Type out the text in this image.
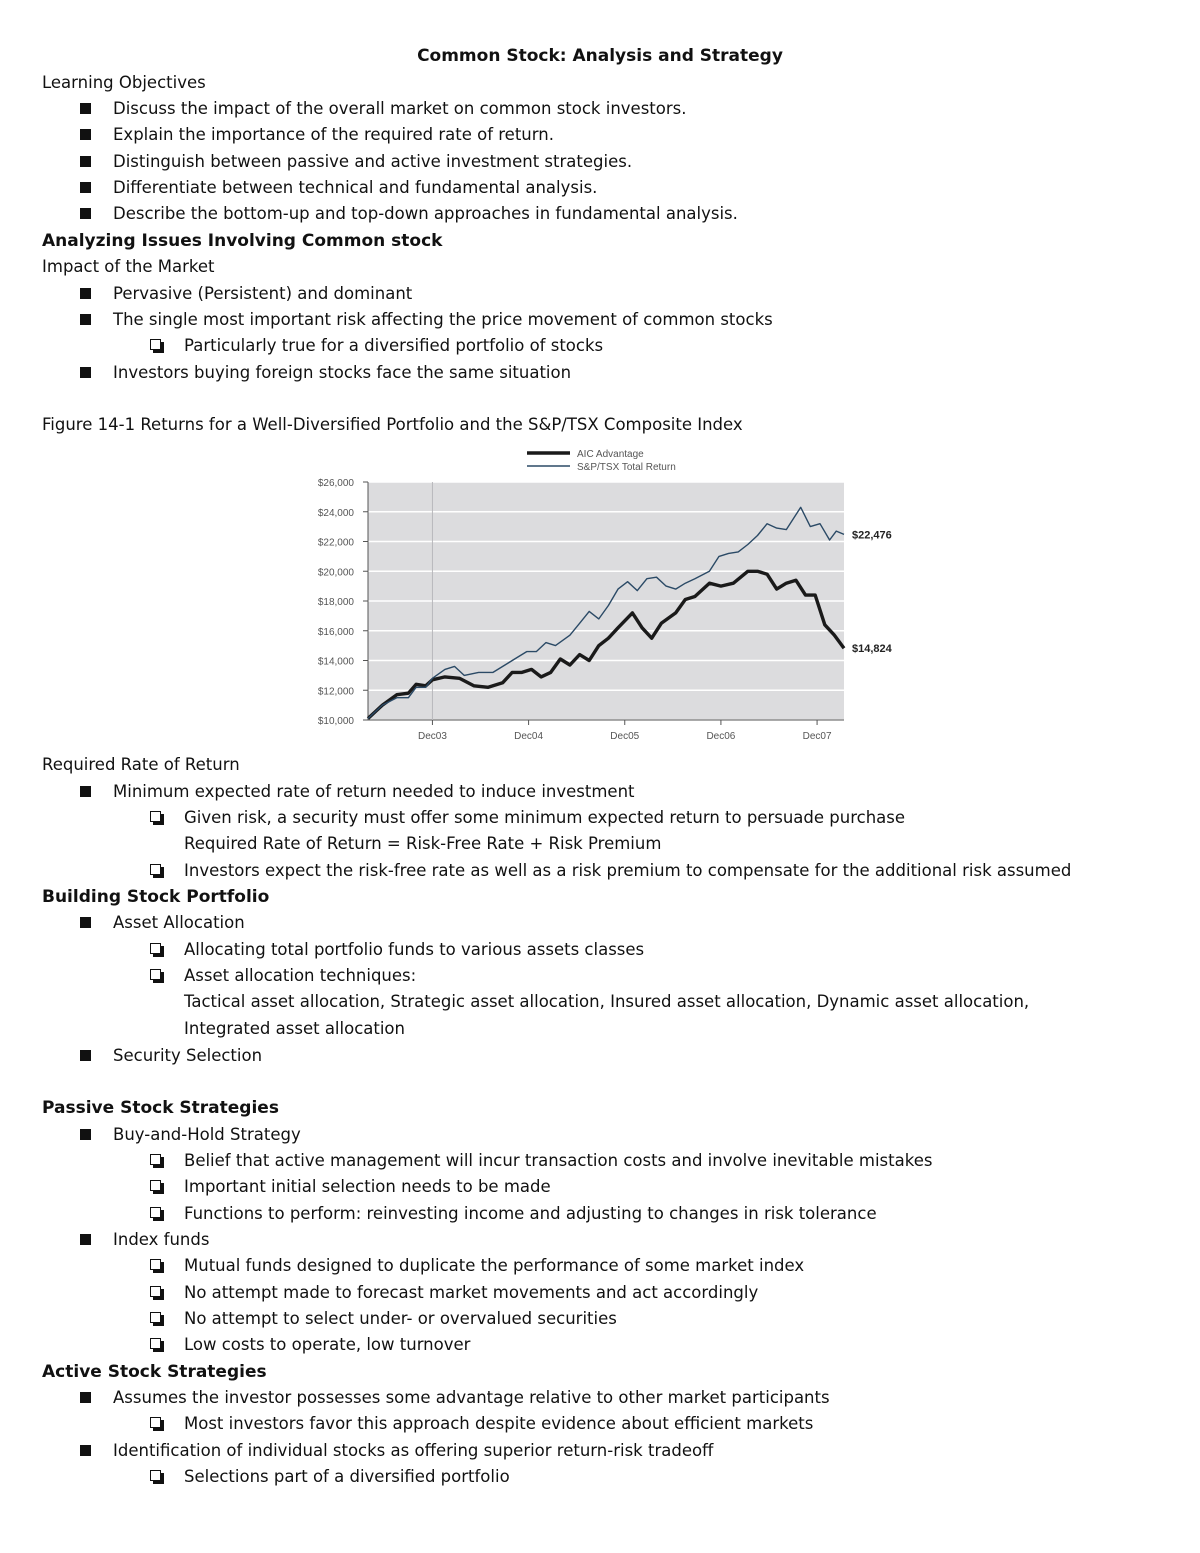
Common Stock: Analysis and Strategy
Learning Objectives
Discuss the impact of the overall market on common stock investors.
Explain the importance of the required rate of return.
Distinguish between passive and active investment strategies.
Differentiate between technical and fundamental analysis.
Describe the bottom-up and top-down approaches in fundamental analysis.
Analyzing Issues Involving Common stock
Impact of the Market
Pervasive (Persistent) and dominant
The single most important risk affecting the price movement of common stocks
Particularly true for a diversified portfolio of stocks
Investors buying foreign stocks face the same situation
Figure 14-1 Returns for a Well-Diversified Portfolio and the S&P/TSX Composite Index
$10,000
$12,000
$14,000
$16,000
$18,000
$20,000
$22,000
$24,000
$26,000
Dec03	Dec04	Dec05	Dec06	Dec07
$14,824
$22,476
AIC Advantage
S&P/TSX Total Return
Required Rate of Return
Minimum expected rate of return needed to induce investment
Given risk, a security must offer some minimum expected return to persuade purchase
Required Rate of Return = Risk-Free Rate + Risk Premium
Investors expect the risk-free rate as well as a risk premium to compensate for the additional risk assumed
Building Stock Portfolio
Asset Allocation
Allocating total portfolio funds to various assets classes
Asset allocation techniques:
Tactical asset allocation, Strategic asset allocation, Insured asset allocation, Dynamic asset allocation,
Integrated asset allocation
Security Selection
Passive Stock Strategies
Buy-and-Hold Strategy
Belief that active management will incur transaction costs and involve inevitable mistakes
Important initial selection needs to be made
Functions to perform: reinvesting income and adjusting to changes in risk tolerance
Index funds
Mutual funds designed to duplicate the performance of some market index
No attempt made to forecast market movements and act accordingly
No attempt to select under- or overvalued securities
Low costs to operate, low turnover
Active Stock Strategies
Assumes the investor possesses some advantage relative to other market participants
Most investors favor this approach despite evidence about efficient markets
Identification of individual stocks as offering superior return-risk tradeoff
Selections part of a diversified portfolio
